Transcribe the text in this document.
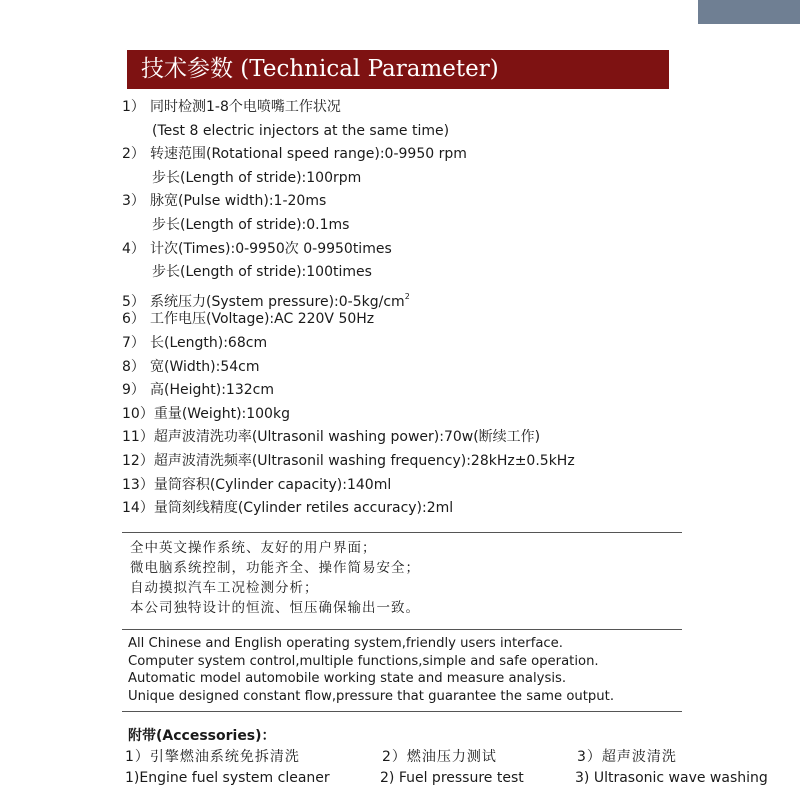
技术参数 (Technical Parameter)
1） 同时检测1-8个电喷嘴工作状况
(Test 8 electric injectors at the same time)
2） 转速范围(Rotational speed range):0-9950 rpm
步长(Length of stride):100rpm
3） 脉宽(Pulse width):1-20ms
步长(Length of stride):0.1ms
4） 计次(Times):0-9950次 0-9950times
步长(Length of stride):100times
5） 系统压力(System $pressure):0-5kg/cm^2$
6） 工作电压(Voltage):AC 220V 50Hz
7） 长(Length):68cm
8） 宽(Width):54cm
9） 高(Height):132cm
10）重量(Weight):100kg
11）超声波清洗功率(Ultrasonil washing power):70w(断续工作)
12）超声波清洗频率(Ultrasonil washing frequency):28kHz±0.5kHz
13）量筒容积(Cylinder capacity):140ml
14）量筒刻线精度(Cylinder retiles accuracy):2ml
全中英文操作系统、友好的用户界面；
微电脑系统控制，功能齐全、操作简易安全；
自动摸拟汽车工况检测分析；
本公司独特设计的恒流、恒压确保输出一致。
All Chinese and English operating system,friendly users interface.
Computer system control,multiple functions,simple and safe operation.
Automatic model automobile working state and measure analysis.
Unique designed constant flow,pressure that guarantee the same output.
附带(Accessories)：
1）引擎燃油系统免拆清洗	2）燃油压力测试	3）超声波清洗
1)Engine fuel system cleaner	2) Fuel pressure test	3) Ultrasonic wave washing
